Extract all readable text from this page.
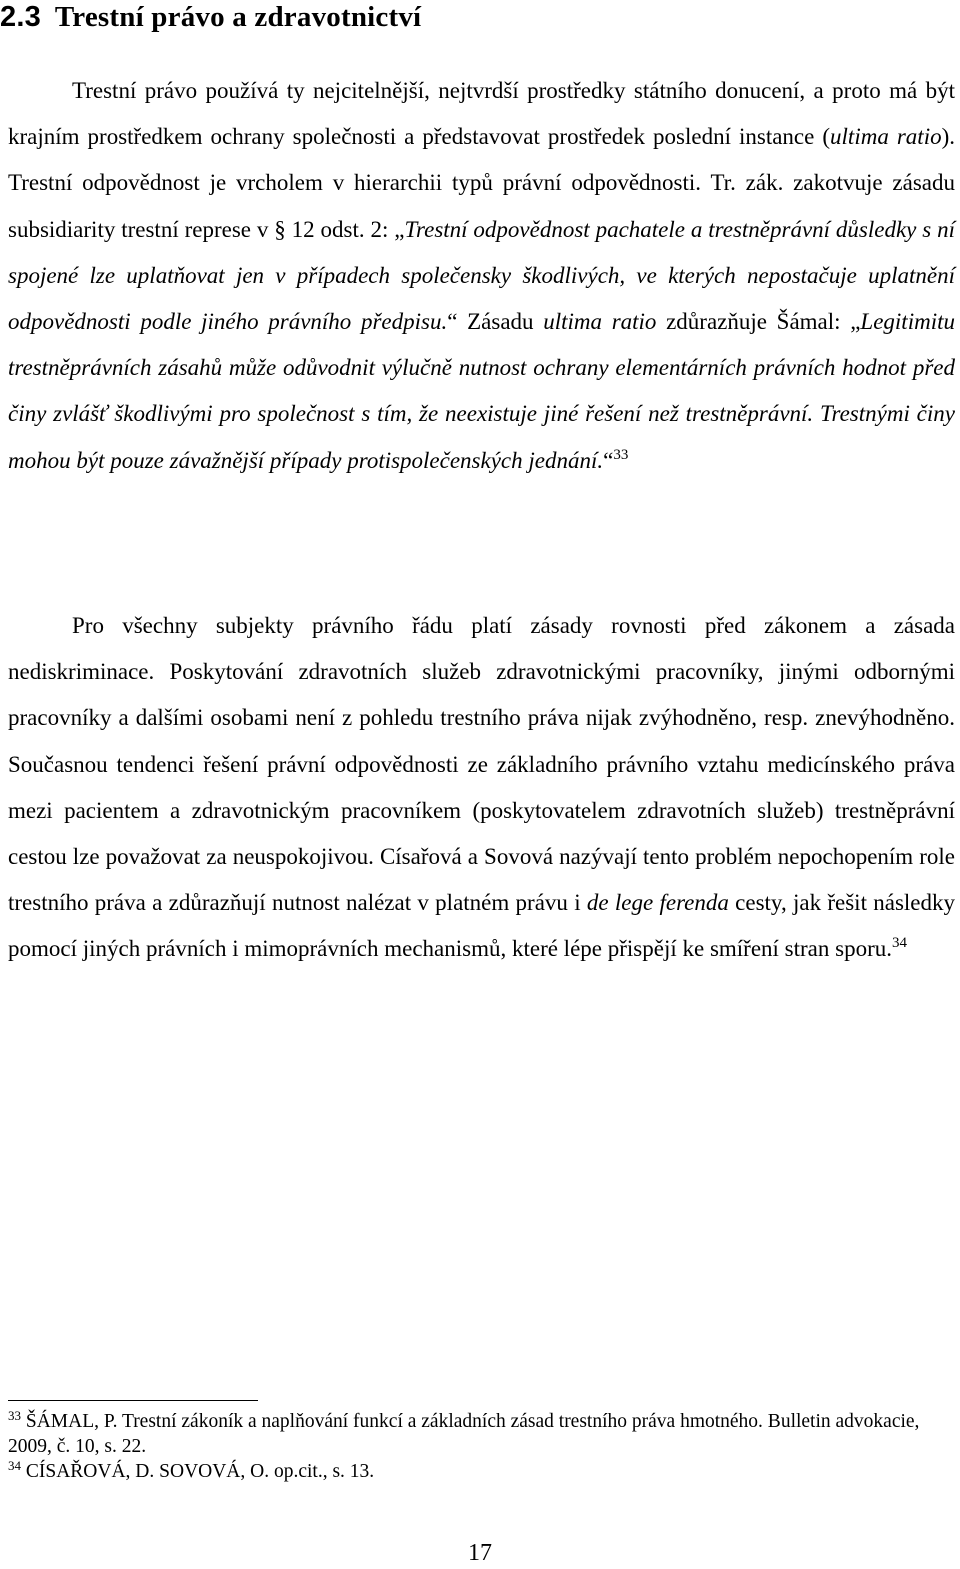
2.3 Trestní právo a zdravotnictví

Trestní právo používá ty nejcitelnější, nejtvrdší prostředky státního donucení, a proto má být krajním prostředkem ochrany společnosti a představovat prostředek poslední instance (ultima ratio). Trestní odpovědnost je vrcholem v hierarchii typů právní odpovědnosti. Tr. zák. zakotvuje zásadu subsidiarity trestní represe v § 12 odst. 2: „Trestní odpovědnost pachatele a trestněprávní důsledky s ní spojené lze uplatňovat jen v případech společensky škodlivých, ve kterých nepostačuje uplatnění odpovědnosti podle jiného právního předpisu.“ Zásadu ultima ratio zdůrazňuje Šámal: „Legitimitu trestněprávních zásahů může odůvodnit výlučně nutnost ochrany elementárních právních hodnot před činy zvlášť škodlivými pro společnost s tím, že neexistuje jiné řešení než trestněprávní. Trestnými činy mohou být pouze závažnější případy protispolečenských jednání.“$^{33}$

Pro všechny subjekty právního řádu platí zásady rovnosti před zákonem a zásada nediskriminace. Poskytování zdravotních služeb zdravotnickými pracovníky, jinými odbornými pracovníky a dalšími osobami není z pohledu trestního práva nijak zvýhodněno, resp. znevýhodněno. Současnou tendenci řešení právní odpovědnosti ze základního právního vztahu medicínského práva mezi pacientem a zdravotnickým pracovníkem (poskytovatelem zdravotních služeb) trestněprávní cestou lze považovat za neuspokojivou. Císařová a Sovová nazývají tento problém nepochopením role trestního práva a zdůrazňují nutnost nalézat v platném právu i de lege ferenda cesty, jak řešit následky pomocí jiných právních i mimoprávních mechanismů, které lépe přispějí ke smíření stran sporu.$^{34}$

$^{33}$ ŠÁMAL, P. Trestní zákoník a naplňování funkcí a základních zásad trestního práva hmotného. Bulletin advokacie, 2009, č. 10, s. 22.

$^{34}$ CÍSAŘOVÁ, D. SOVOVÁ, O. op.cit., s. 13.

17
